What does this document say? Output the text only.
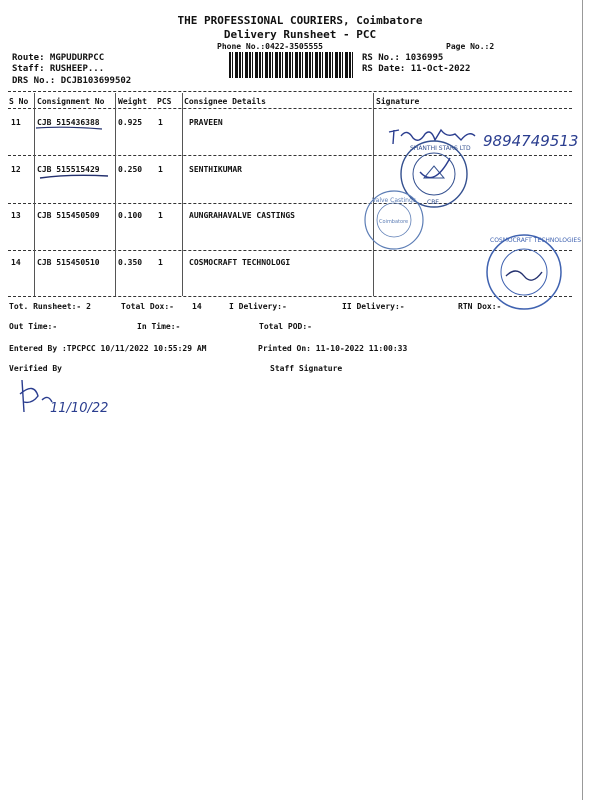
THE PROFESSIONAL COURIERS, Coimbatore
Delivery Runsheet - PCC
Phone No.:0422-3505555	Page No.:2
Route: MGPUDURPCC
Staff: RUSHEEP...
DRS No.: DCJB103699502
RS No.: 1036995
RS Date: 11-Oct-2022
S No Consignment No Weight PCS Consignee Details	Signature
11 CJB 515436388 0.925 1	PRAVEEN
12 CJB 515515429 0.250 1	SENTHIKUMAR
13 CJB 515450509 0.100 1	AUNGRAHAVALVE CASTINGS
14 CJB 515450510 0.350 1	COSMOCRAFT TECHNOLOGI
9894749513
SHANTHI STARS LTD
CBE
Valve Castings
Coimbatore
COSMOCRAFT TECHNOLOGIES
Tot. Runsheet:- 2	Total Dox:- 14	I Delivery:-	II Delivery:-	RTN Dox:-
Out Time:-	In Time:-	Total POD:-
Entered By :TPCPCC 10/11/2022 10:55:29 AM	Printed On: 11-10-2022 11:00:33
Verified By	Staff Signature
11/10/22
